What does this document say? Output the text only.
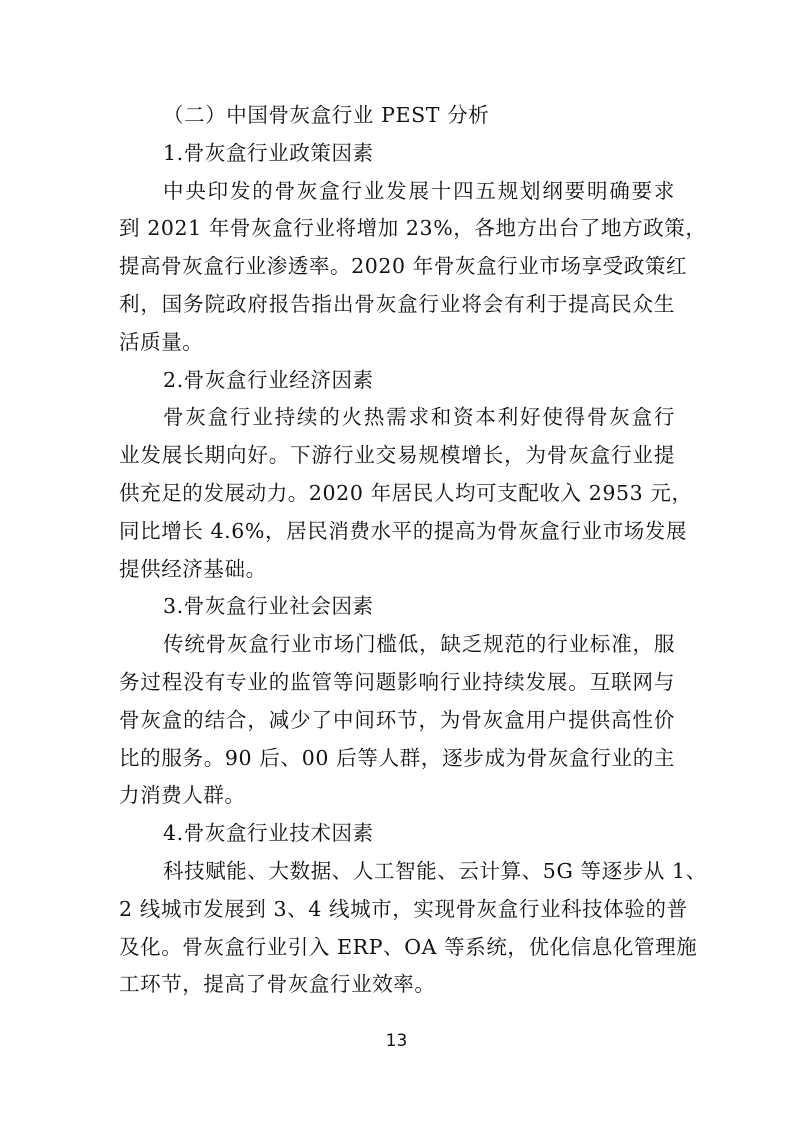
（二）中国骨灰盒行业 PEST 分析
1.骨灰盒行业政策因素
中央印发的骨灰盒行业发展十四五规划纲要明确要求
到 2021 年骨灰盒行业将增加 23%，各地方出台了地方政策，
提高骨灰盒行业渗透率。2020 年骨灰盒行业市场享受政策红
利，国务院政府报告指出骨灰盒行业将会有利于提高民众生
活质量。
2.骨灰盒行业经济因素
骨灰盒行业持续的火热需求和资本利好使得骨灰盒行
业发展长期向好。下游行业交易规模增长，为骨灰盒行业提
供充足的发展动力。2020 年居民人均可支配收入 2953 元，
同比增长 4.6%，居民消费水平的提高为骨灰盒行业市场发展
提供经济基础。
3.骨灰盒行业社会因素
传统骨灰盒行业市场门槛低，缺乏规范的行业标准，服
务过程没有专业的监管等问题影响行业持续发展。互联网与
骨灰盒的结合，减少了中间环节，为骨灰盒用户提供高性价
比的服务。90 后、00 后等人群，逐步成为骨灰盒行业的主
力消费人群。
4.骨灰盒行业技术因素
科技赋能、大数据、人工智能、云计算、5G 等逐步从 1、
2 线城市发展到 3、4 线城市，实现骨灰盒行业科技体验的普
及化。骨灰盒行业引入 ERP、OA 等系统，优化信息化管理施
工环节，提高了骨灰盒行业效率。
13
